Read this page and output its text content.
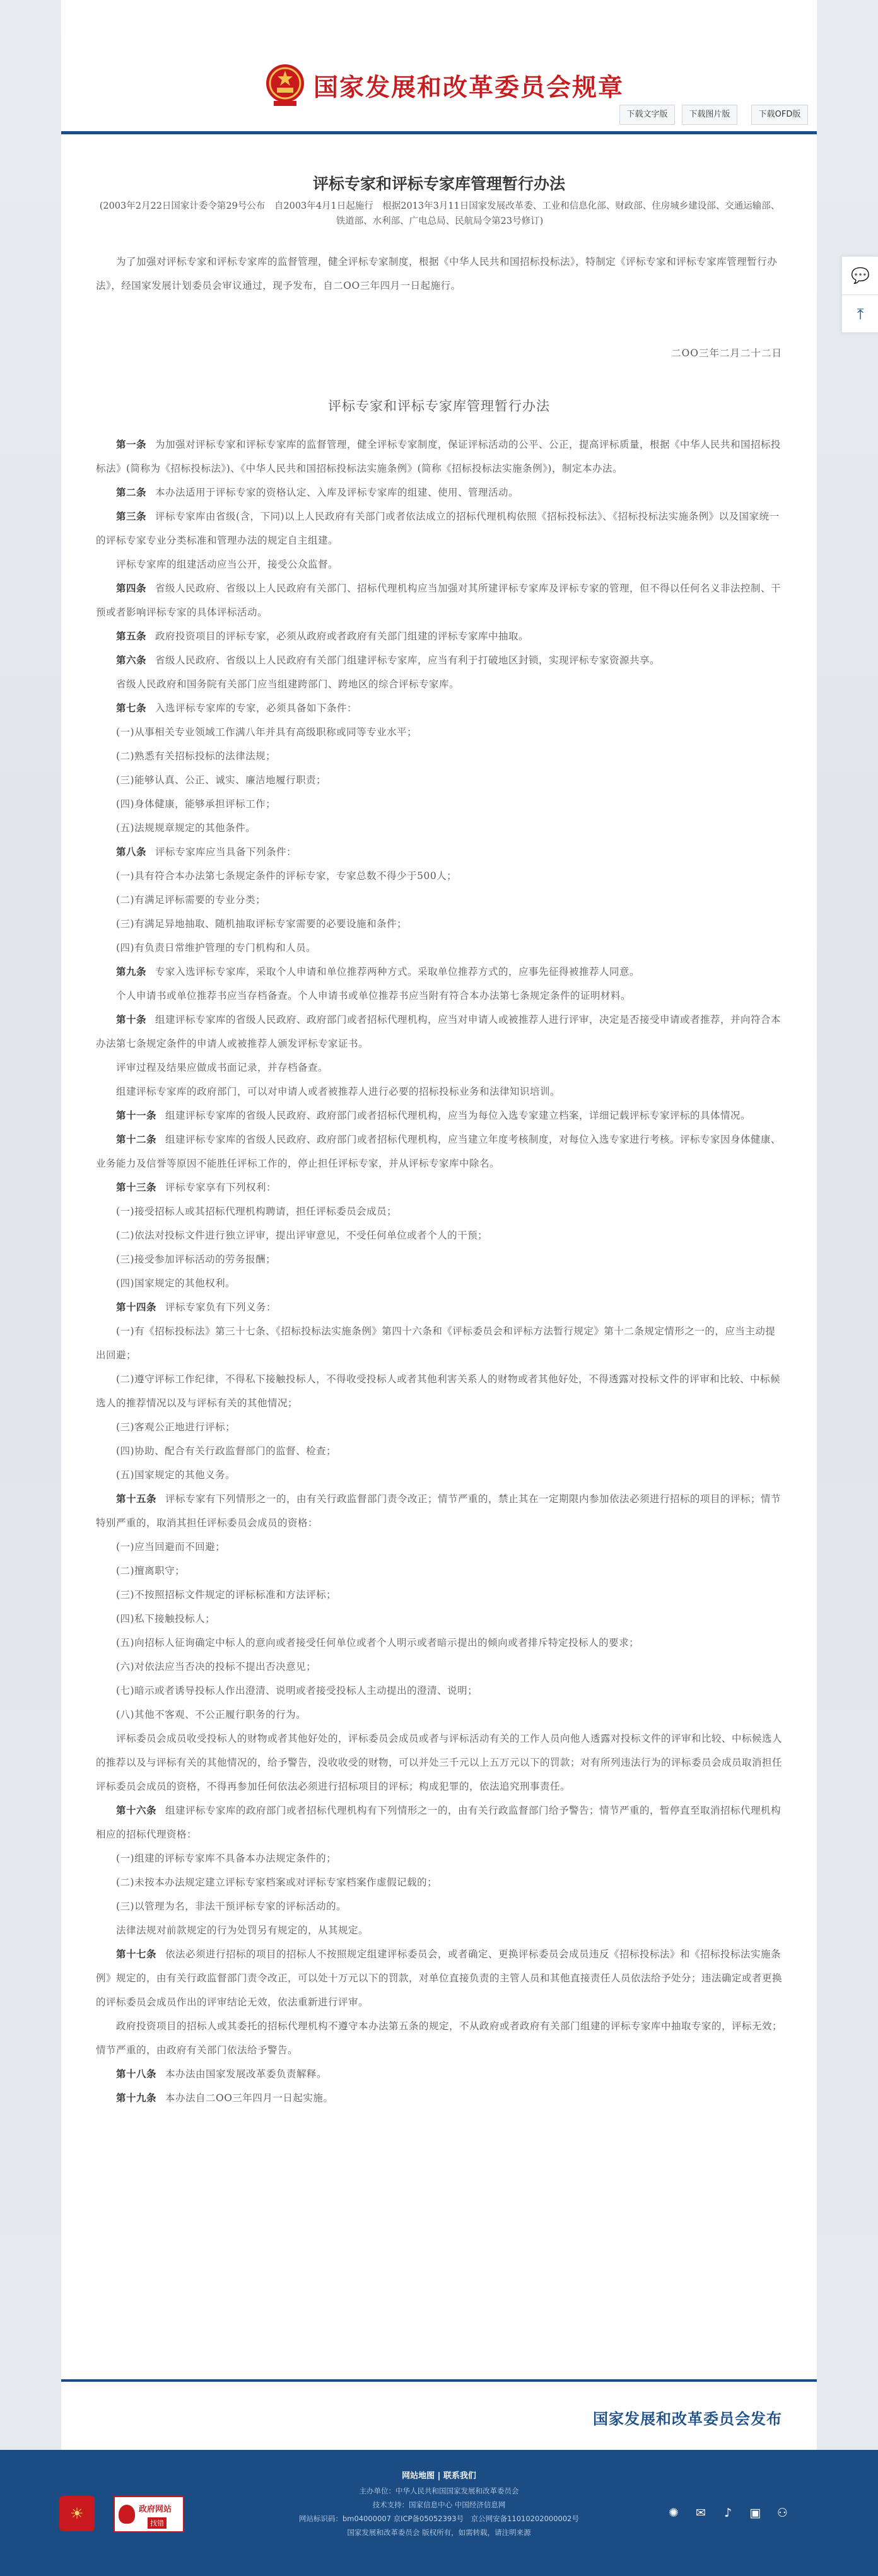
国家发展和改革委员会规章
下载文字版	下载图片版	下载OFD版
评标专家和评标专家库管理暂行办法
(2003年2月22日国家计委令第29号公布　自2003年4月1日起施行　根据2013年3月11日国家发展改革委、工业和信息化部、财政部、住房城乡建设部、交通运输部、铁道部、水利部、广电总局、民航局令第23号修订)
为了加强对评标专家和评标专家库的监督管理，健全评标专家制度，根据《中华人民共和国招标投标法》，特制定《评标专家和评标专家库管理暂行办法》，经国家发展计划委员会审议通过，现予发布，自二OO三年四月一日起施行。
二OO三年二月二十二日
评标专家和评标专家库管理暂行办法
第一条 为加强对评标专家和评标专家库的监督管理，健全评标专家制度，保证评标活动的公平、公正，提高评标质量，根据《中华人民共和国招标投标法》(简称为《招标投标法》)、《中华人民共和国招标投标法实施条例》(简称《招标投标法实施条例》)，制定本办法。
第二条 本办法适用于评标专家的资格认定、入库及评标专家库的组建、使用、管理活动。
第三条 评标专家库由省级(含，下同)以上人民政府有关部门或者依法成立的招标代理机构依照《招标投标法》、《招标投标法实施条例》以及国家统一的评标专家专业分类标准和管理办法的规定自主组建。
评标专家库的组建活动应当公开，接受公众监督。
第四条 省级人民政府、省级以上人民政府有关部门、招标代理机构应当加强对其所建评标专家库及评标专家的管理，但不得以任何名义非法控制、干预或者影响评标专家的具体评标活动。
第五条 政府投资项目的评标专家，必须从政府或者政府有关部门组建的评标专家库中抽取。
第六条 省级人民政府、省级以上人民政府有关部门组建评标专家库，应当有利于打破地区封锁，实现评标专家资源共享。
省级人民政府和国务院有关部门应当组建跨部门、跨地区的综合评标专家库。
第七条 入选评标专家库的专家，必须具备如下条件：
(一)从事相关专业领域工作满八年并具有高级职称或同等专业水平；
(二)熟悉有关招标投标的法律法规；
(三)能够认真、公正、诚实、廉洁地履行职责；
(四)身体健康，能够承担评标工作；
(五)法规规章规定的其他条件。
第八条 评标专家库应当具备下列条件：
(一)具有符合本办法第七条规定条件的评标专家，专家总数不得少于500人；
(二)有满足评标需要的专业分类；
(三)有满足异地抽取、随机抽取评标专家需要的必要设施和条件；
(四)有负责日常维护管理的专门机构和人员。
第九条 专家入选评标专家库，采取个人申请和单位推荐两种方式。采取单位推荐方式的，应事先征得被推荐人同意。
个人申请书或单位推荐书应当存档备查。个人申请书或单位推荐书应当附有符合本办法第七条规定条件的证明材料。
第十条 组建评标专家库的省级人民政府、政府部门或者招标代理机构，应当对申请人或被推荐人进行评审，决定是否接受申请或者推荐，并向符合本办法第七条规定条件的申请人或被推荐人颁发评标专家证书。
评审过程及结果应做成书面记录，并存档备查。
组建评标专家库的政府部门，可以对申请人或者被推荐人进行必要的招标投标业务和法律知识培训。
第十一条 组建评标专家库的省级人民政府、政府部门或者招标代理机构，应当为每位入选专家建立档案，详细记载评标专家评标的具体情况。
第十二条 组建评标专家库的省级人民政府、政府部门或者招标代理机构，应当建立年度考核制度，对每位入选专家进行考核。评标专家因身体健康、业务能力及信誉等原因不能胜任评标工作的，停止担任评标专家，并从评标专家库中除名。
第十三条 评标专家享有下列权利：
(一)接受招标人或其招标代理机构聘请，担任评标委员会成员；
(二)依法对投标文件进行独立评审，提出评审意见，不受任何单位或者个人的干预；
(三)接受参加评标活动的劳务报酬；
(四)国家规定的其他权利。
第十四条 评标专家负有下列义务：
(一)有《招标投标法》第三十七条、《招标投标法实施条例》第四十六条和《评标委员会和评标方法暂行规定》第十二条规定情形之一的，应当主动提出回避；
(二)遵守评标工作纪律，不得私下接触投标人，不得收受投标人或者其他利害关系人的财物或者其他好处，不得透露对投标文件的评审和比较、中标候选人的推荐情况以及与评标有关的其他情况；
(三)客观公正地进行评标；
(四)协助、配合有关行政监督部门的监督、检查；
(五)国家规定的其他义务。
第十五条 评标专家有下列情形之一的，由有关行政监督部门责令改正；情节严重的，禁止其在一定期限内参加依法必须进行招标的项目的评标；情节特别严重的，取消其担任评标委员会成员的资格：
(一)应当回避而不回避；
(二)擅离职守；
(三)不按照招标文件规定的评标标准和方法评标；
(四)私下接触投标人；
(五)向招标人征询确定中标人的意向或者接受任何单位或者个人明示或者暗示提出的倾向或者排斥特定投标人的要求；
(六)对依法应当否决的投标不提出否决意见；
(七)暗示或者诱导投标人作出澄清、说明或者接受投标人主动提出的澄清、说明；
(八)其他不客观、不公正履行职务的行为。
评标委员会成员收受投标人的财物或者其他好处的，评标委员会成员或者与评标活动有关的工作人员向他人透露对投标文件的评审和比较、中标候选人的推荐以及与评标有关的其他情况的，给予警告，没收收受的财物，可以并处三千元以上五万元以下的罚款；对有所列违法行为的评标委员会成员取消担任评标委员会成员的资格，不得再参加任何依法必须进行招标项目的评标；构成犯罪的，依法追究刑事责任。
第十六条 组建评标专家库的政府部门或者招标代理机构有下列情形之一的，由有关行政监督部门给予警告；情节严重的，暂停直至取消招标代理机构相应的招标代理资格：
(一)组建的评标专家库不具备本办法规定条件的；
(二)未按本办法规定建立评标专家档案或对评标专家档案作虚假记载的；
(三)以管理为名，非法干预评标专家的评标活动的。
法律法规对前款规定的行为处罚另有规定的，从其规定。
第十七条 依法必须进行招标的项目的招标人不按照规定组建评标委员会，或者确定、更换评标委员会成员违反《招标投标法》和《招标投标法实施条例》规定的，由有关行政监督部门责令改正，可以处十万元以下的罚款，对单位直接负责的主管人员和其他直接责任人员依法给予处分；违法确定或者更换的评标委员会成员作出的评审结论无效，依法重新进行评审。
政府投资项目的招标人或其委托的招标代理机构不遵守本办法第五条的规定，不从政府或者政府有关部门组建的评标专家库中抽取专家的，评标无效；情节严重的，由政府有关部门依法给予警告。
第十八条 本办法由国家发展改革委负责解释。
第十九条 本办法自二OO三年四月一日起实施。
国家发展和改革委员会发布
💬
⤒
☀	政府网站
找错
网站地图 | 联系我们
主办单位：中华人民共和国国家发展和改革委员会
技术支持：国家信息中心 中国经济信息网
网站标识码：bm04000007 京ICP备05052393号　京公网安备11010202000002号
国家发展和改革委员会 版权所有，如需转载，请注明来源
✺ ✉ ♪ ▣ ⚇
